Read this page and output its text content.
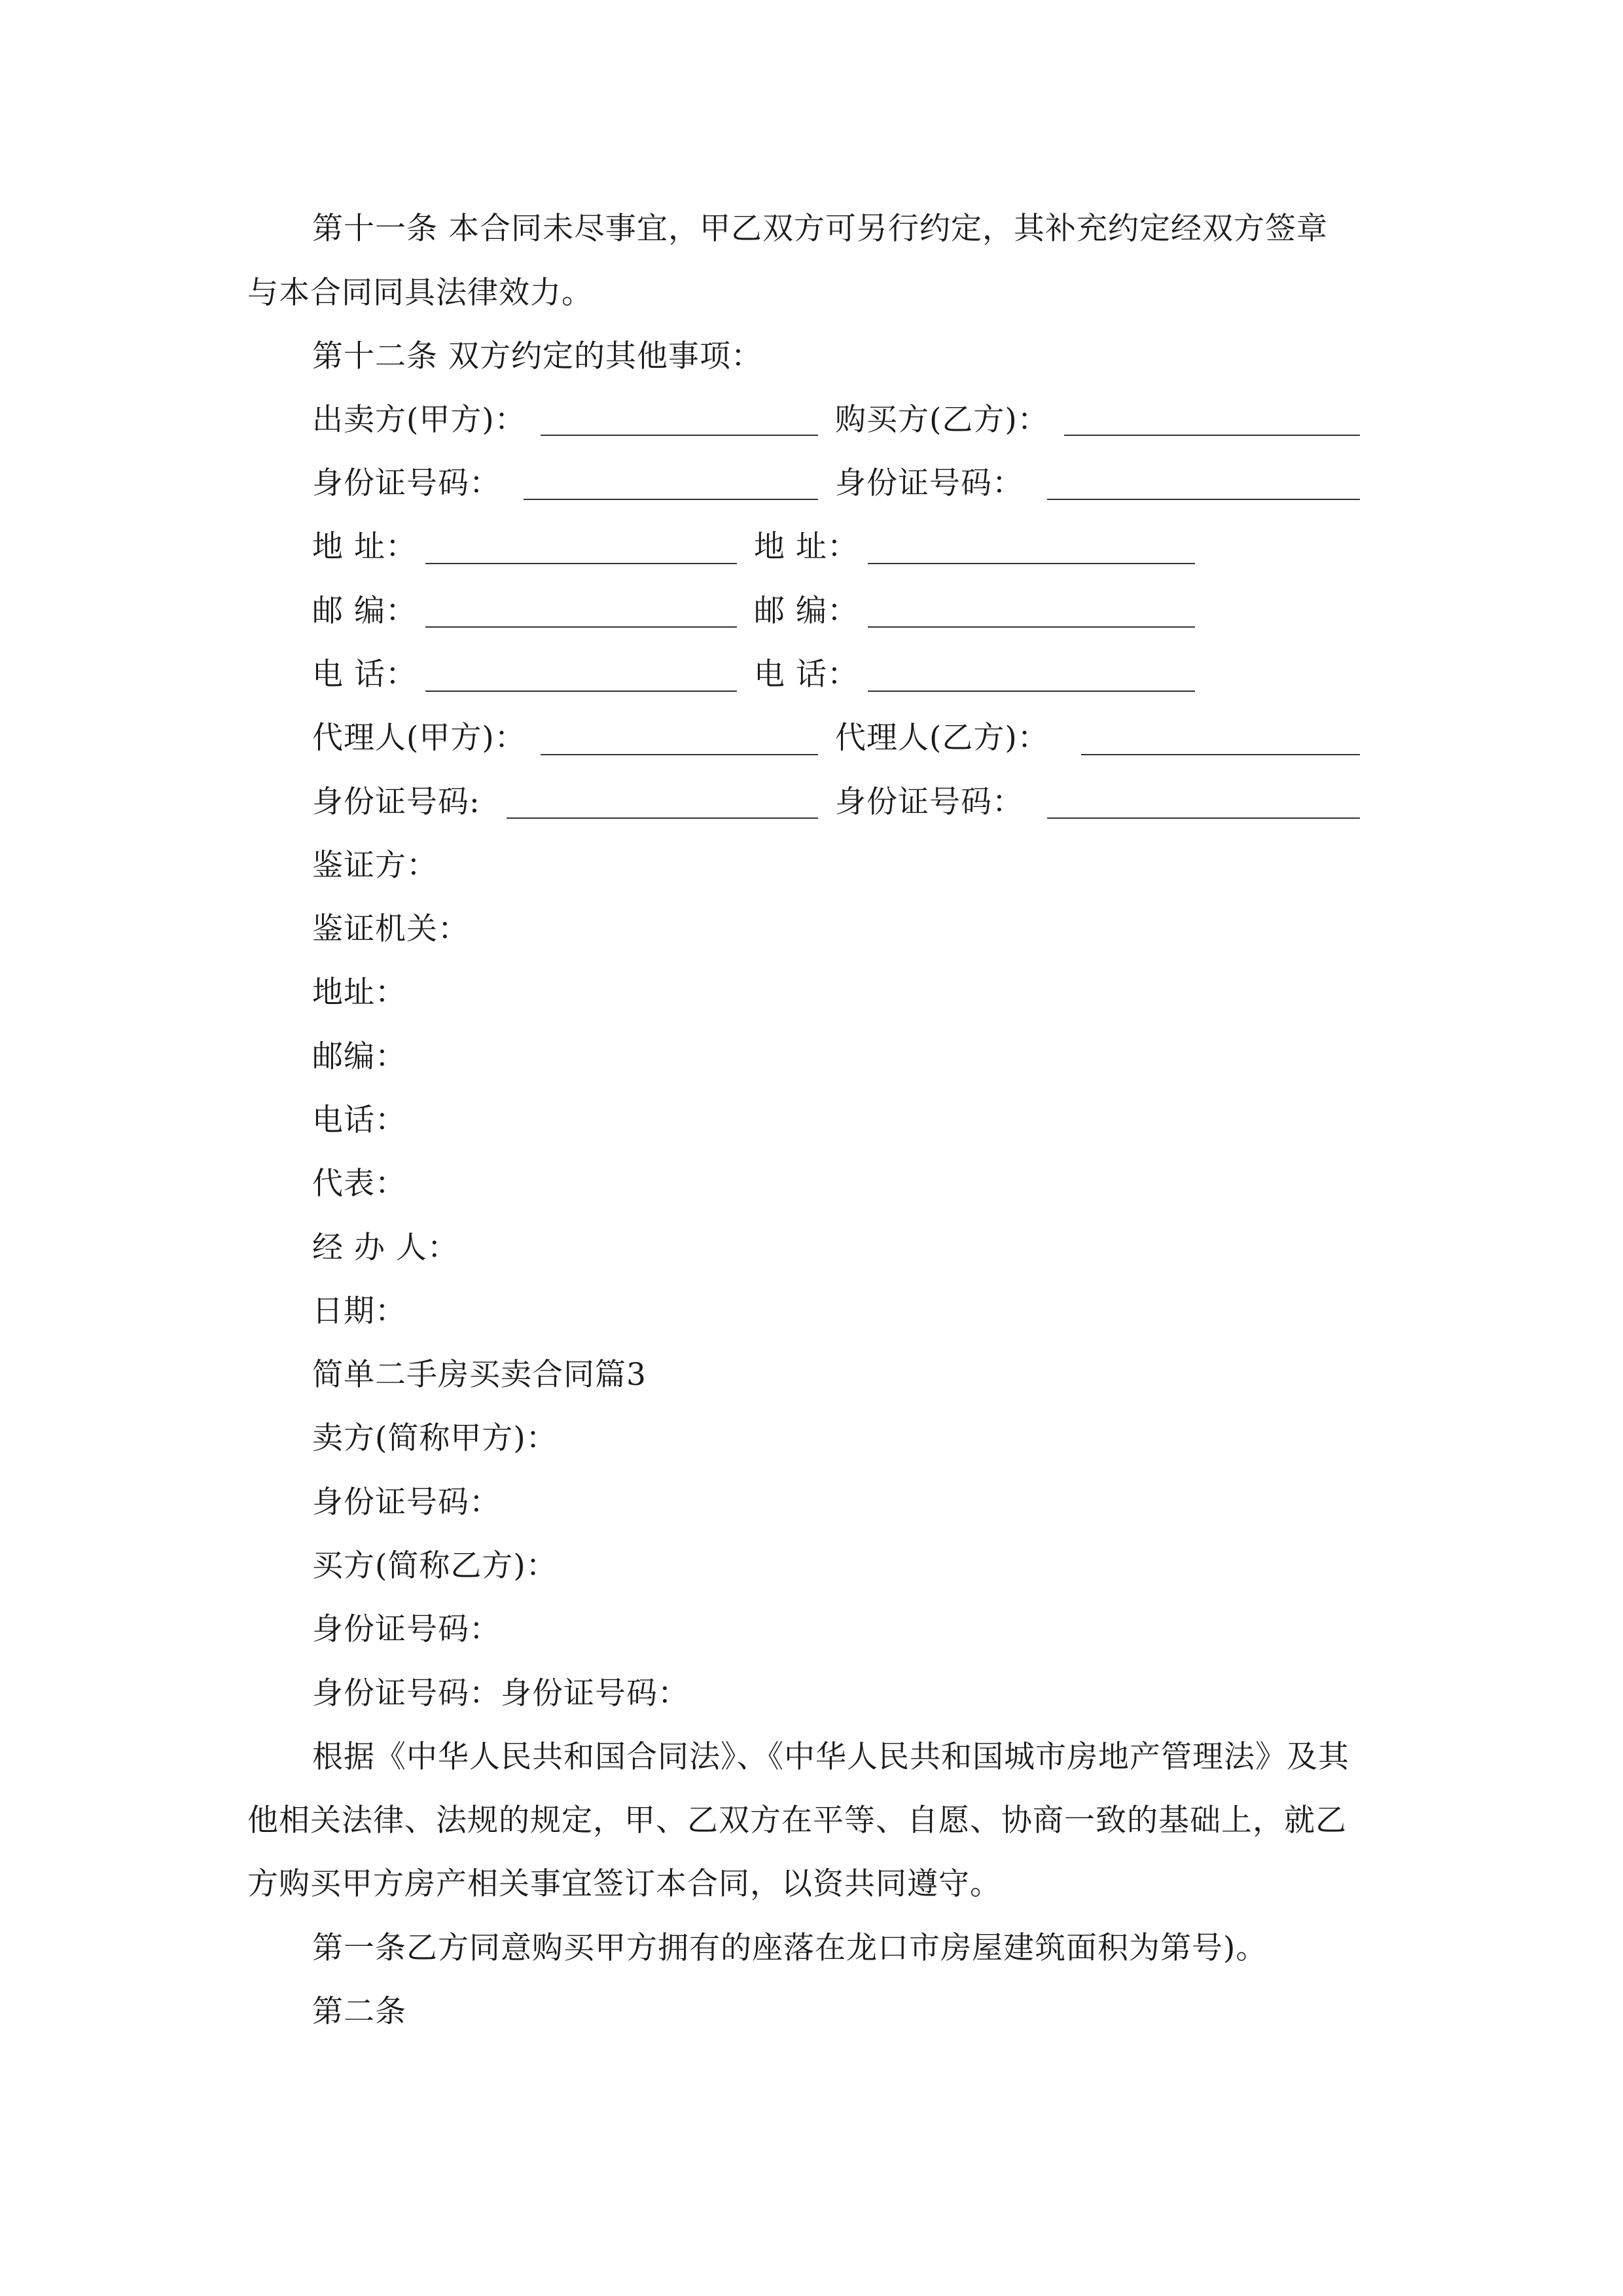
第十一条 本合同未尽事宜，甲乙双方可另行约定，其补充约定经双方签章
与本合同同具法律效力。
第十二条 双方约定的其他事项：
出卖方(甲方)：	购买方(乙方)：
身份证号码：	身份证号码：
地 址：	地 址：
邮 编：	邮 编：
电 话：	电 话：
代理人(甲方)：	代理人(乙方)：
身份证号码:	身份证号码：
鉴证方：
鉴证机关：
地址：
邮编：
电话：
代表：
经 办 人：
日期：
简单二手房买卖合同篇3
卖方(简称甲方)：
身份证号码：
买方(简称乙方)：
身份证号码：
身份证号码：身份证号码：
根据《中华人民共和国合同法》、《中华人民共和国城市房地产管理法》及其
他相关法律、法规的规定，甲、乙双方在平等、自愿、协商一致的基础上，就乙
方购买甲方房产相关事宜签订本合同，以资共同遵守。
第一条乙方同意购买甲方拥有的座落在龙口市房屋建筑面积为第号)。
第二条
